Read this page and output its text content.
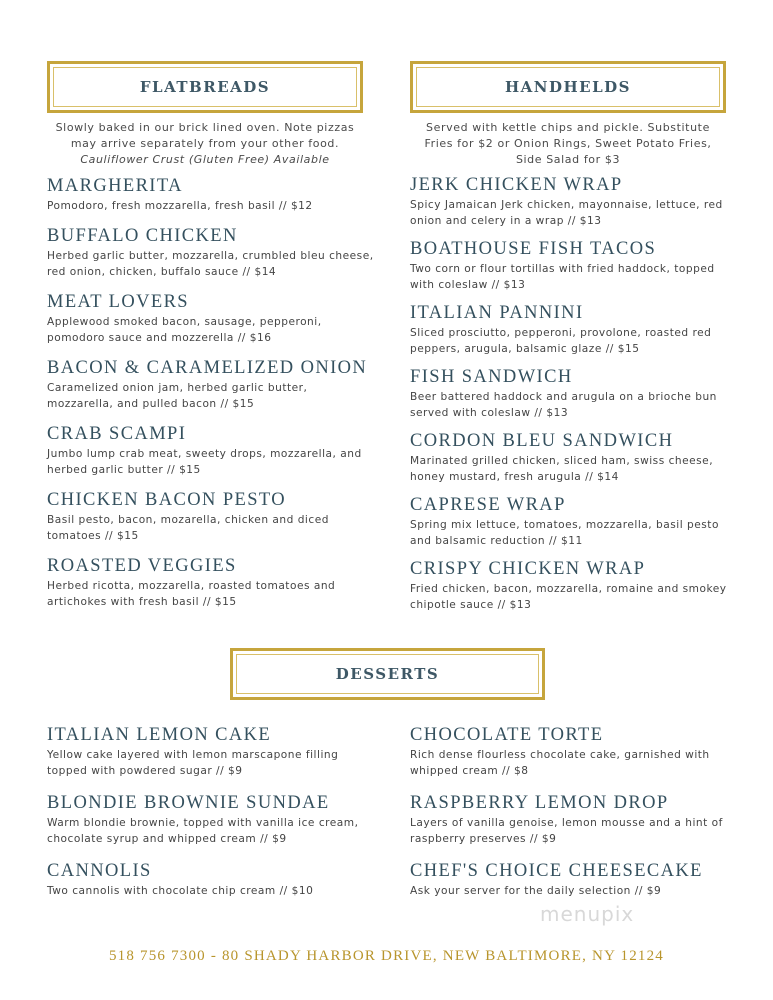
FLATBREADS
Slowly baked in our brick lined oven. Note pizzas may arrive separately from your other food.
Cauliflower Crust (Gluten Free) Available
MARGHERITA

Pomodoro, fresh mozzarella, fresh basil // $12

BUFFALO CHICKEN

Herbed garlic butter, mozzarella, crumbled bleu cheese, red onion, chicken, buffalo sauce // $14

MEAT LOVERS

Applewood smoked bacon, sausage, pepperoni, pomodoro sauce and mozzerella // $16

BACON & CARAMELIZED ONION

Caramelized onion jam, herbed garlic butter, mozzarella, and pulled bacon // $15

CRAB SCAMPI

Jumbo lump crab meat, sweety drops, mozzarella, and herbed garlic butter // $15

CHICKEN BACON PESTO

Basil pesto, bacon, mozarella, chicken and diced tomatoes // $15

ROASTED VEGGIES

Herbed ricotta, mozzarella, roasted tomatoes and artichokes with fresh basil // $15

HANDHELDS
Served with kettle chips and pickle. Substitute Fries for $2 or Onion Rings, Sweet Potato Fries, Side Salad for $3
JERK CHICKEN WRAP

Spicy Jamaican Jerk chicken, mayonnaise, lettuce, red onion and celery in a wrap // $13

BOATHOUSE FISH TACOS

Two corn or flour tortillas with fried haddock, topped with coleslaw // $13

ITALIAN PANNINI

Sliced prosciutto, pepperoni, provolone, roasted red peppers, arugula, balsamic glaze // $15

FISH SANDWICH

Beer battered haddock and arugula on a brioche bun served with coleslaw // $13

CORDON BLEU SANDWICH

Marinated grilled chicken, sliced ham, swiss cheese, honey mustard, fresh arugula // $14

CAPRESE WRAP

Spring mix lettuce, tomatoes, mozzarella, basil pesto and balsamic reduction // $11

CRISPY CHICKEN WRAP

Fried chicken, bacon, mozzarella, romaine and smokey chipotle sauce // $13

DESSERTS
ITALIAN LEMON CAKE

Yellow cake layered with lemon marscapone filling topped with powdered sugar // $9

BLONDIE BROWNIE SUNDAE

Warm blondie brownie, topped with vanilla ice cream, chocolate syrup and whipped cream // $9

CANNOLIS

Two cannolis with chocolate chip cream // $10

CHOCOLATE TORTE

Rich dense flourless chocolate cake, garnished with whipped cream // $8

RASPBERRY LEMON DROP

Layers of vanilla genoise, lemon mousse and a hint of raspberry preserves // $9

CHEF'S CHOICE CHEESECAKE

Ask your server for the daily selection // $9

menupix
518 756 7300 - 80 SHADY HARBOR DRIVE, NEW BALTIMORE, NY 12124
